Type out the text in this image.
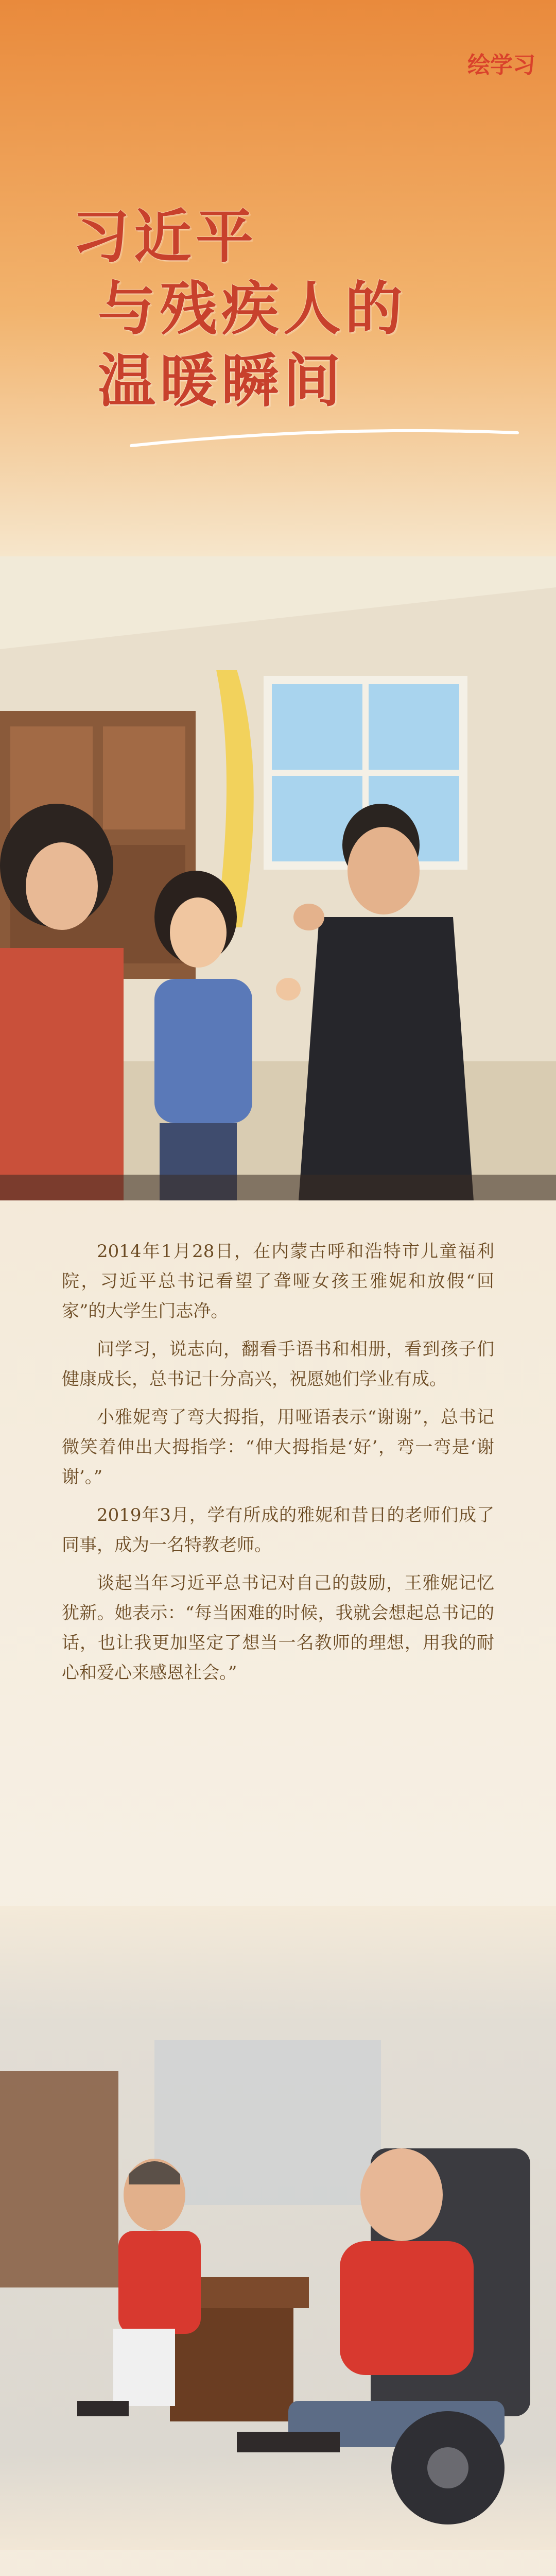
绘学习
习近平
与残疾人的
温暖瞬间

2014年1月28日，在内蒙古呼和浩特市儿童福利院，习近平总书记看望了聋哑女孩王雅妮和放假“回家”的大学生门志净。

问学习，说志向，翻看手语书和相册，看到孩子们健康成长，总书记十分高兴，祝愿她们学业有成。

小雅妮弯了弯大拇指，用哑语表示“谢谢”，总书记微笑着伸出大拇指学：“伸大拇指是‘好’，弯一弯是‘谢谢’。”

2019年3月，学有所成的雅妮和昔日的老师们成了同事，成为一名特教老师。

谈起当年习近平总书记对自己的鼓励，王雅妮记忆犹新。她表示：“每当困难的时候，我就会想起总书记的话，也让我更加坚定了想当一名教师的理想，用我的耐心和爱心来感恩社会。”
